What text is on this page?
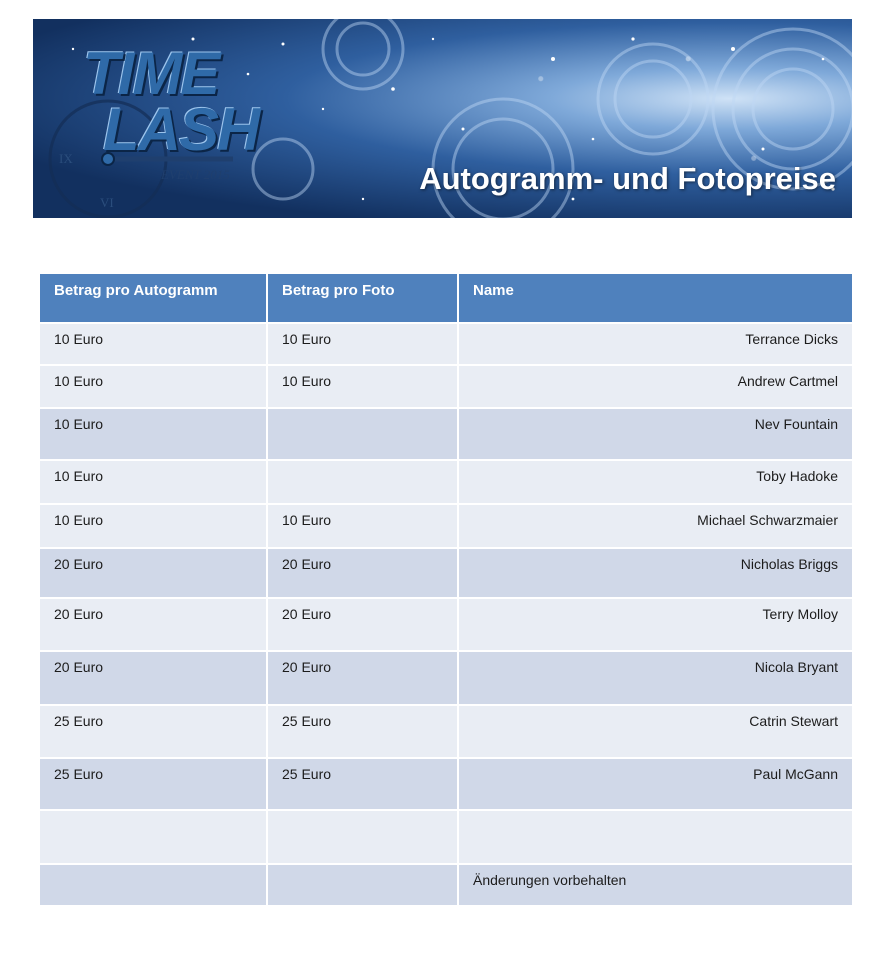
TIME
LASH
EVENT 2015
IX
VI
Autogramm- und Fotopreise
Betrag pro Autogramm	Betrag pro Foto	Name
10 Euro	10 Euro	Terrance Dicks
10 Euro	10 Euro	Andrew Cartmel
10 Euro		Nev Fountain
10 Euro		Toby Hadoke
10 Euro	10 Euro	Michael Schwarzmaier
20 Euro	20 Euro	Nicholas Briggs
20 Euro	20 Euro	Terry Molloy
20 Euro	20 Euro	Nicola Bryant
25 Euro	25 Euro	Catrin Stewart
25 Euro	25 Euro	Paul McGann

		Änderungen vorbehalten
